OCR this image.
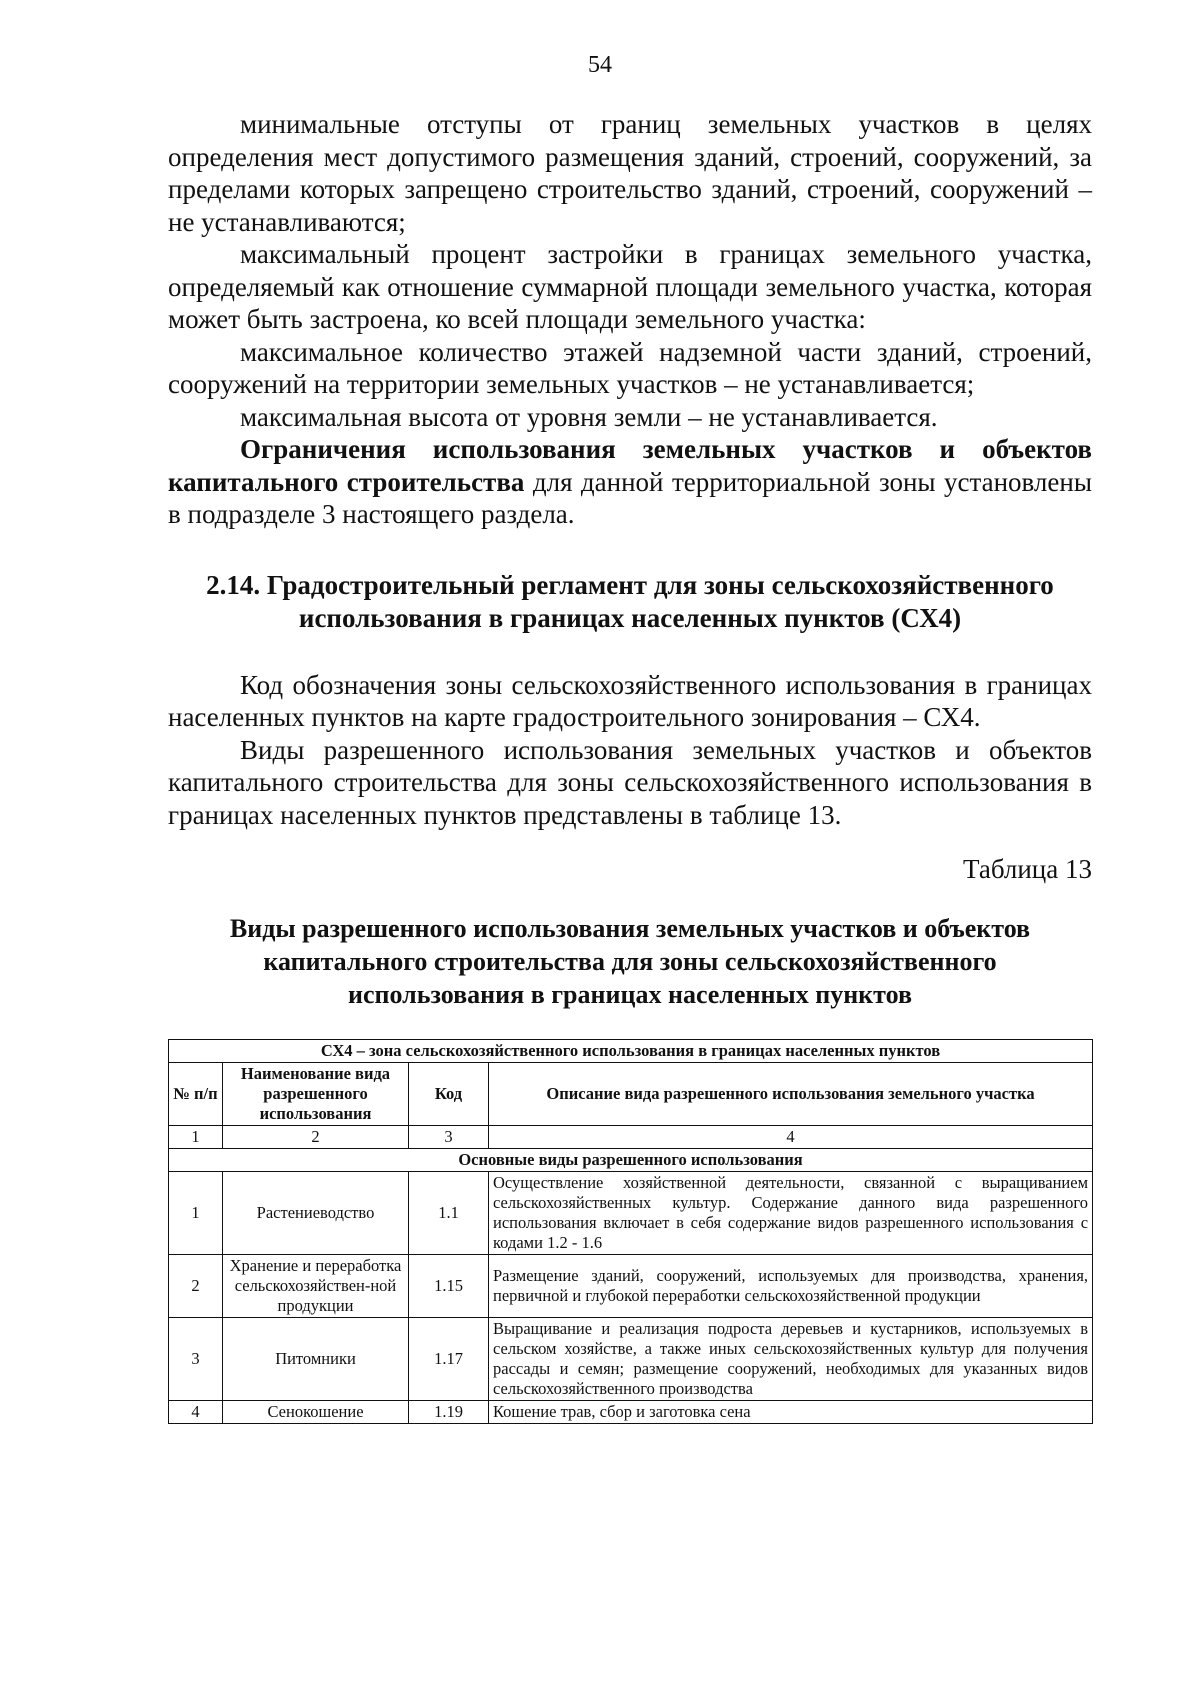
54

минимальные отступы от границ земельных участков в целях определения мест допустимого размещения зданий, строений, сооружений, за пределами которых запрещено строительство зданий, строений, сооружений – не устанавливаются;

максимальный процент застройки в границах земельного участка, определяемый как отношение суммарной площади земельного участка, которая может быть застроена, ко всей площади земельного участка:

максимальное количество этажей надземной части зданий, строений, сооружений на территории земельных участков – не устанавливается;

максимальная высота от уровня земли – не устанавливается.

Ограничения использования земельных участков и объектов капитального строительства для данной территориальной зоны установлены в подразделе 3 настоящего раздела.

2.14. Градостроительный регламент для зоны сельскохозяйственного
использования в границах населенных пунктов (СХ4)

Код обозначения зоны сельскохозяйственного использования в границах населенных пунктов на карте градостроительного зонирования – СХ4.

Виды разрешенного использования земельных участков и объектов капитального строительства для зоны сельскохозяйственного использования в границах населенных пунктов представлены в таблице 13.

Таблица 13
Виды разрешенного использования земельных участков и объектов
капитального строительства для зоны сельскохозяйственного
использования в границах населенных пунктов
СХ4 – зона сельскохозяйственного использования в границах населенных пунктов			
№ п/п	Наименование вида разрешенного использования	Код	Описание вида разрешенного использования земельного участка
1	2	3	4
Основные виды разрешенного использования			
1	Растениеводство	1.1	Осуществление хозяйственной деятельности, связанной с выращиванием сельскохозяйственных культур. Содержание данного вида разрешенного использования включает в себя содержание видов разрешенного использования с кодами 1.2 - 1.6
2	Хранение и переработка сельскохозяйствен-ной продукции	1.15	Размещение зданий, сооружений, используемых для производства, хранения, первичной и глубокой переработки сельскохозяйственной продукции
3	Питомники	1.17	Выращивание и реализация подроста деревьев и кустарников, используемых в сельском хозяйстве, а также иных сельскохозяйственных культур для получения рассады и семян; размещение сооружений, необходимых для указанных видов сельскохозяйственного производства
4	Сенокошение	1.19	Кошение трав, сбор и заготовка сена
